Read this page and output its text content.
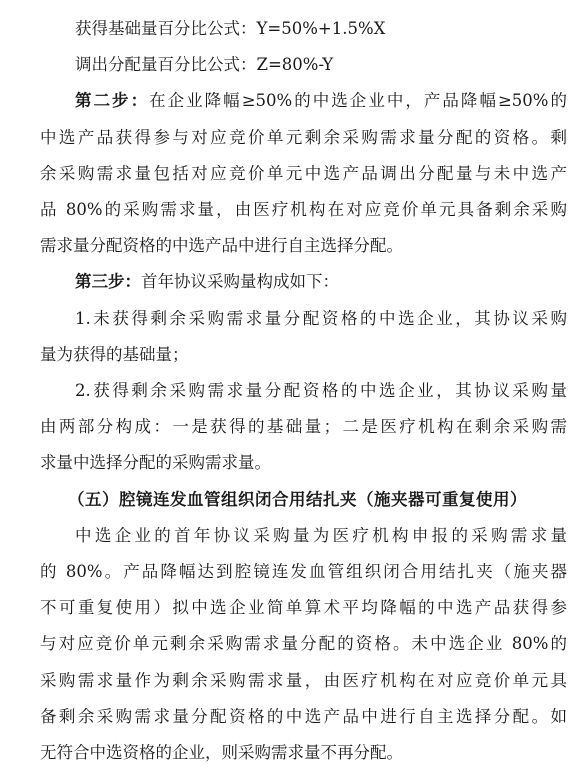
获得基础量百分比公式：Y=50%+1.5%X
调出分配量百分比公式：Z=80%-Y
第二步：在企业降幅≥50%的中选企业中，产品降幅≥50%的
中选产品获得参与对应竞价单元剩余采购需求量分配的资格。剩
余采购需求量包括对应竞价单元中选产品调出分配量与未中选产
品 80%的采购需求量，由医疗机构在对应竞价单元具备剩余采购
需求量分配资格的中选产品中进行自主选择分配。
第三步：首年协议采购量构成如下：
1.未获得剩余采购需求量分配资格的中选企业，其协议采购
量为获得的基础量；
2.获得剩余采购需求量分配资格的中选企业，其协议采购量
由两部分构成：一是获得的基础量；二是医疗机构在剩余采购需
求量中选择分配的采购需求量。
（五）腔镜连发血管组织闭合用结扎夹（施夹器可重复使用）
中选企业的首年协议采购量为医疗机构申报的采购需求量
的 80%。产品降幅达到腔镜连发血管组织闭合用结扎夹（施夹器
不可重复使用）拟中选企业简单算术平均降幅的中选产品获得参
与对应竞价单元剩余采购需求量分配的资格。未中选企业 80%的
采购需求量作为剩余采购需求量，由医疗机构在对应竞价单元具
备剩余采购需求量分配资格的中选产品中进行自主选择分配。如
无符合中选资格的企业，则采购需求量不再分配。
